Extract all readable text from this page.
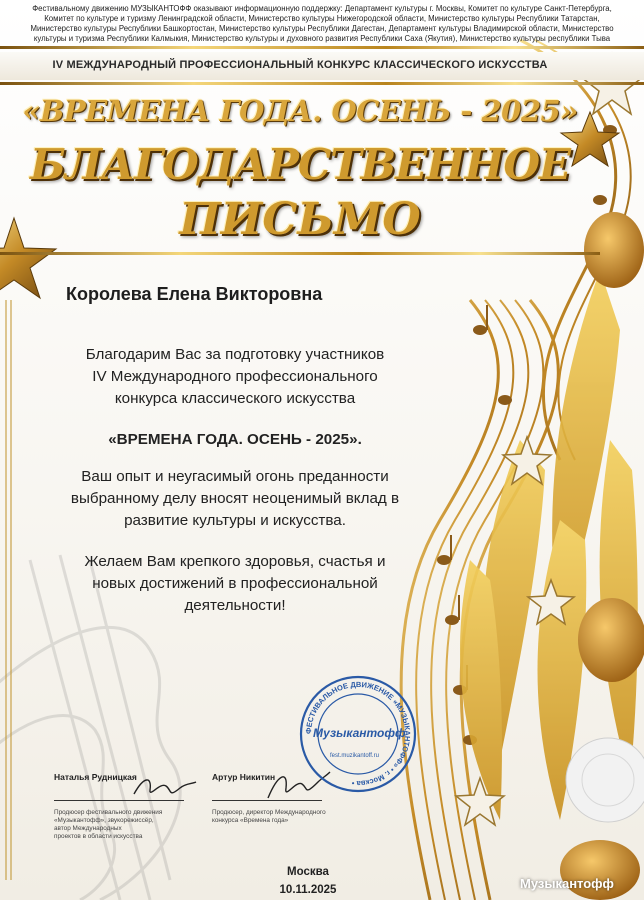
Фестивальному движению МУЗЫКАНТОФФ оказывают информационную поддержку: Департамент культуры г. Москвы, Комитет по культуре Санкт-Петербурга,
Комитет по культуре и туризму Ленинградской области, Министерство культуры Нижегородской области, Министерство культуры Республики Татарстан,
Министерство культуры Республики Башкортостан, Министерство культуры Республики Дагестан, Департамент культуры Владимирской области, Министерство
культуры и туризма Республики Калмыкия, Министерство культуры и духовного развития Республики Саха (Якутия), Министерство культуры республики Тыва
IV МЕЖДУНАРОДНЫЙ ПРОФЕССИОНАЛЬНЫЙ КОНКУРС КЛАССИЧЕСКОГО ИСКУССТВА
«ВРЕМЕНА ГОДА. ОСЕНЬ - 2025»
БЛАГОДАРСТВЕННОЕ
ПИСЬМО
Королева Елена Викторовна
Благодарим Вас за подготовку участников
IV Международного профессионального
конкурса классического искусства
«ВРЕМЕНА ГОДА. ОСЕНЬ - 2025».
Ваш опыт и неугасимый огонь преданности
выбранному делу вносят неоценимый вклад в
развитие культуры и искусства.
Желаем Вам крепкого здоровья, счастья и
новых достижений в профессиональной
деятельности!
Наталья Рудницкая
Продюсер фестивального движения
«Музыкантофф», звукорежиссёр,
автор Международных
проектов в области искусства
Артур Никитин
Продюсер, директор Международного
конкурса «Времена года»
ФЕСТИВАЛЬНОЕ ДВИЖЕНИЕ «МУЗЫКАНТОФФ» • г. Москва •
Музыкантофф
fest.muzikantoff.ru
Москва
10.11.2025	Музыкантофф
